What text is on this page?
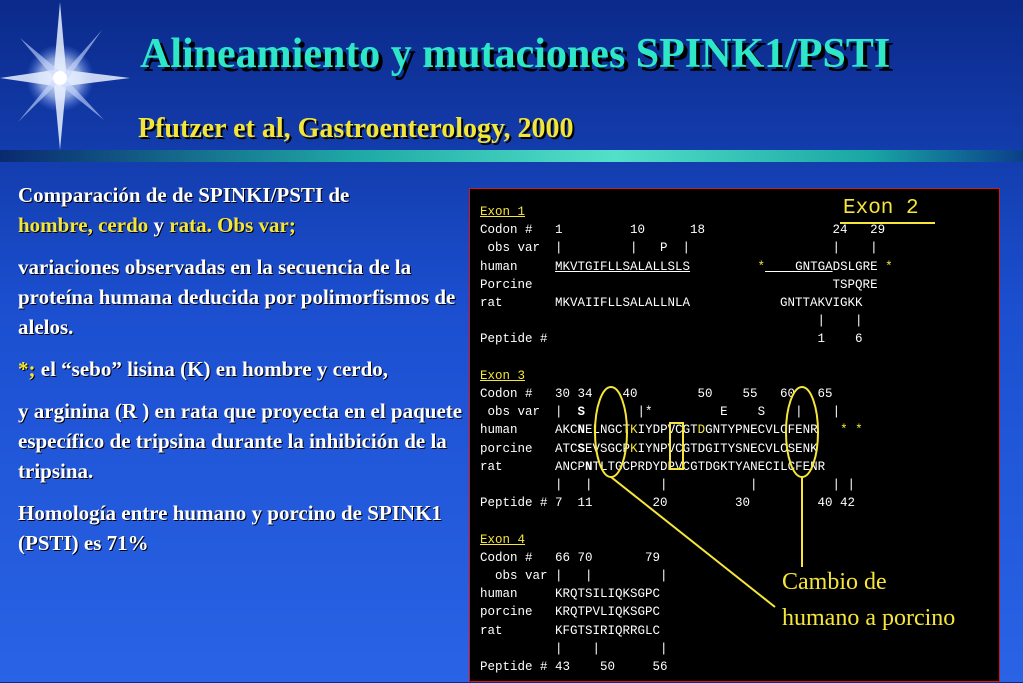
Alineamiento y mutaciones SPINK1/PSTI
Pfutzer et al, Gastroenterology, 2000

Comparación de de SPINKI/PSTI de
hombre, cerdo y rata. Obs var;

variaciones observadas en la secuencia de la proteína humana deducida por polimorfismos de alelos.

*; el “sebo” lisina (K) en hombre y cerdo,

y arginina (R ) en rata que proyecta en el paquete específico de tripsina durante la inhibición de la tripsina.

Homología entre humano y porcino de SPINK1 (PSTI) es 71%

Exon 2
Exon 1
Codon #   1         10      18                 24   29
obs var  |         |   P  |                   |    |
human     MKVTGIFLLSALALLSLS         *    GNTGADSLGRE *
Porcine                                        TSPQRE
rat       MKVAIIFLLSALALLNLA            GNTTAKVIGKK
|    |
Peptide #                                    1    6

Exon 3
Codon #   30 34    40        50    55   60   65
obs var  |  S       |*         E    S    |    |
human     AKCNELNGCTKIYDPVCGTDGNTYPNECVLCFENR   * *
porcine   ATCSEVSGCPKIYNPVCGTDGITYSNECVLCSENK
rat       ANCPNTLTGCPRDYDPVCGTDGKTYANECILCFENR
|   |         |           |          | |
Peptide # 7  11        20         30         40 42

Exon 4
Codon #   66 70       79
obs var |   |         |
human     KRQTSILIQKSGPC
porcine   KRQTPVLIQKSGPC
rat       KFGTSIRIQRRGLC
|    |        |
Peptide # 43    50     56
Cambio de humano a porcino
